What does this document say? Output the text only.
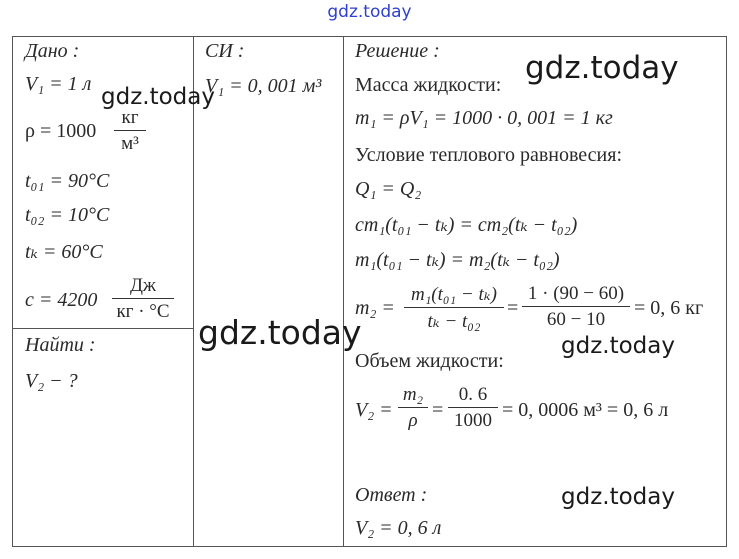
gdz.today
Дано :
V₁ = 1 л
ρ = 1000
кг
м³
t₀₁ = 90°С
t₀₂ = 10°С
tₖ = 60°С
c = 4200
Дж
кг · °С
Найти :
V₂ − ?
СИ :
V₁ = 0, 001 м³
Решение :
Масса жидкости:
m₁ = ρV₁ = 1000 · 0, 001 = 1 кг
Условие теплового равновесия:
Q₁ = Q₂
cm₁(t₀₁ − tₖ) = cm₂(tₖ − t₀₂)
m₁(t₀₁ − tₖ) = m₂(tₖ − t₀₂)
m₂ =
m₁(t₀₁ − tₖ)
tₖ − t₀₂
=
1 · (90 − 60)
60 − 10
= 0, 6 кг
Объем жидкости:
V₂ =
m₂
ρ =
0. 6
1000 = 0, 0006 м³ = 0, 6 л
Ответ :
V₂ = 0, 6 л
gdz.today
gdz.today
gdz.today	gdz.today
gdz.today
